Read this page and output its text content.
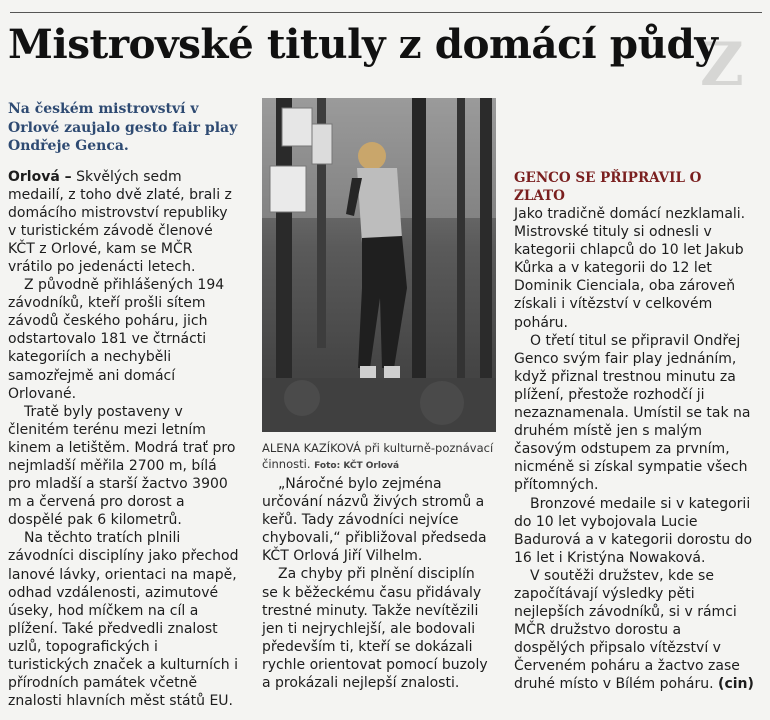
Z
Mistrovské tituly z domácí půdy
Na českém mistrovství v Orlové zaujalo gesto fair play Ondřeje Genca.

Orlová – Skvělých sedm medailí, z toho dvě zlaté, brali z domácího mistrovství republiky v turistickém závodě členové KČT z Orlové, kam se MČR vrátilo po jedenácti letech.

Z původně přihlášených 194 závodníků, kteří prošli sítem závodů českého poháru, jich odstartovalo 181 ve čtrnácti kategoriích a nechyběli samozřejmě ani domácí Orlované.

Tratě byly postaveny v členitém terénu mezi letním kinem a letištěm. Modrá trať pro nejmladší měřila 2700 m, bílá pro mladší a starší žactvo 3900 m a červená pro dorost a dospělé pak 6 kilometrů.

Na těchto tratích plnili závodníci disciplíny jako přechod lanové lávky, orientaci na mapě, odhad vzdálenosti, azimutové úseky, hod míčkem na cíl a plížení. Také předvedli znalost uzlů, topografických i turistických značek a kulturních i přírodních památek včetně znalosti hlavních měst států EU.

ALENA KAZÍKOVÁ při kulturně-poznávací činnosti. Foto: KČT Orlová

„Náročné bylo zejména určování názvů živých stromů a keřů. Tady závodníci nejvíce chybovali,“ přibližoval předseda KČT Orlová Jiří Vilhelm.

Za chyby při plnění disciplín se k běžeckému času přidávaly trestné minuty. Takže nevítězili jen ti nejrychlejší, ale bodovali především ti, kteří se dokázali rychle orientovat pomocí buzoly a prokázali nejlepší znalosti.

GENCO SE PŘIPRAVIL O ZLATO

Jako tradičně domácí nezklamali. Mistrovské tituly si odnesli v kategorii chlapců do 10 let Jakub Kůrka a v kategorii do 12 let Dominik Cienciala, oba zároveň získali i vítězství v celkovém poháru.

O třetí titul se připravil Ondřej Genco svým fair play jednáním, když přiznal trestnou minutu za plížení, přestože rozhodčí ji nezaznamenala. Umístil se tak na druhém místě jen s malým časovým odstupem za prvním, nicméně si získal sympatie všech přítomných.

Bronzové medaile si v kategorii do 10 let vybojovala Lucie Badurová a v kategorii dorostu do 16 let i Kristýna Nowaková.

V soutěži družstev, kde se započítávají výsledky pěti nejlepších závodníků, si v rámci MČR družstvo dorostu a dospělých připsalo vítězství v Červeném poháru a žactvo zase druhé místo v Bílém poháru. (cin)
